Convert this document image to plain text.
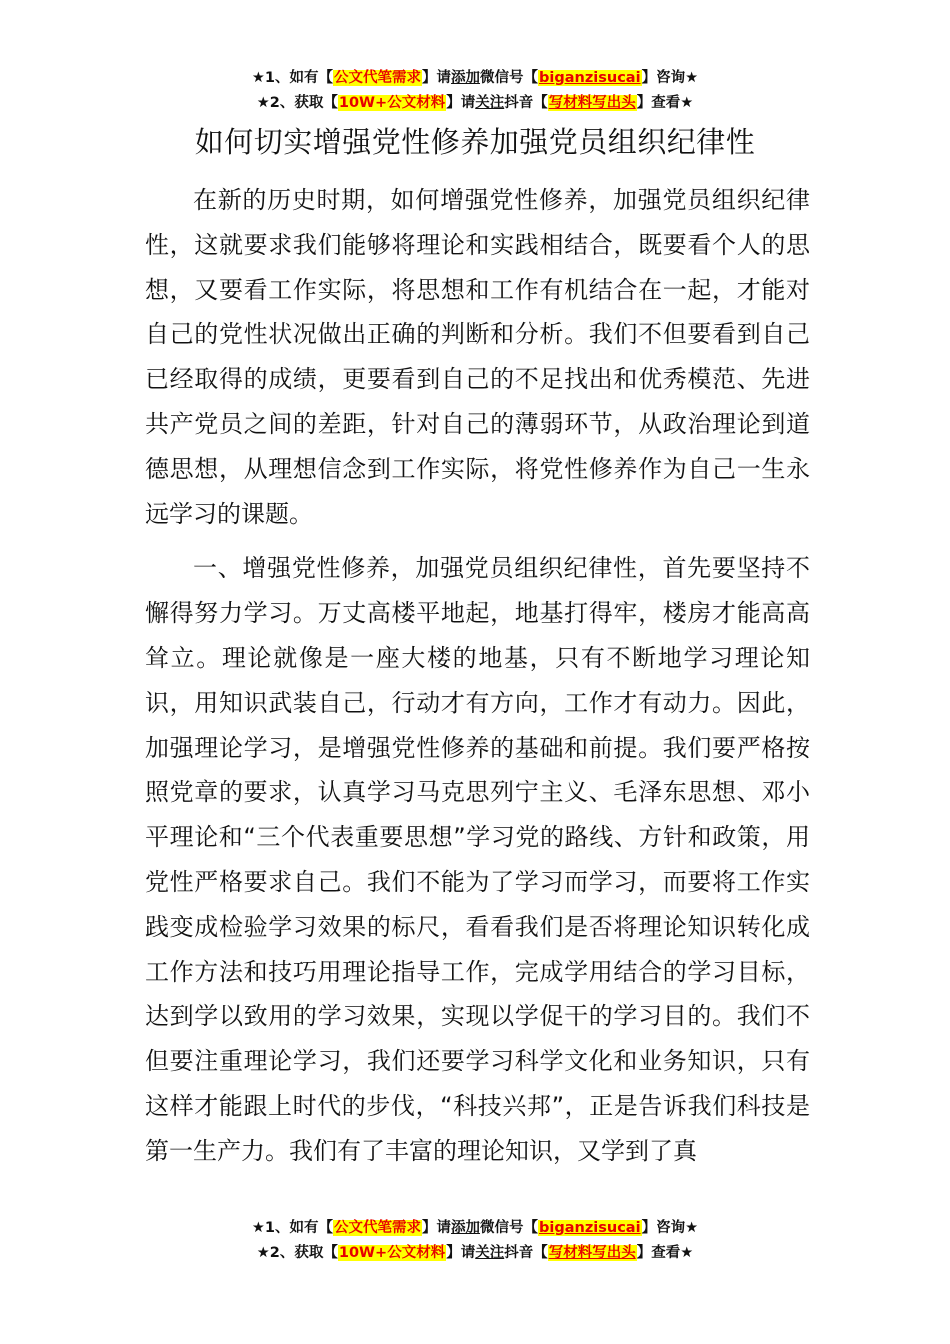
★1、如有【公文代笔需求】请添加微信号【biganzisucai】咨询★
★2、获取【10W+公文材料】请关注抖音【写材料写出头】查看★
如何切实增强党性修养加强党员组织纪律性

在新的历史时期，如何增强党性修养，加强党员组织纪律性，这就要求我们能够将理论和实践相结合，既要看个人的思想，又要看工作实际，将思想和工作有机结合在一起，才能对自己的党性状况做出正确的判断和分析。我们不但要看到自己已经取得的成绩，更要看到自己的不足找出和优秀模范、先进共产党员之间的差距，针对自己的薄弱环节，从政治理论到道德思想，从理想信念到工作实际，将党性修养作为自己一生永远学习的课题。

一、增强党性修养，加强党员组织纪律性，首先要坚持不懈得努力学习。万丈高楼平地起，地基打得牢，楼房才能高高耸立。理论就像是一座大楼的地基，只有不断地学习理论知识，用知识武装自己，行动才有方向，工作才有动力。因此，加强理论学习，是增强党性修养的基础和前提。我们要严格按照党章的要求，认真学习马克思列宁主义、毛泽东思想、邓小平理论和“三个代表重要思想”学习党的路线、方针和政策，用党性严格要求自己。我们不能为了学习而学习，而要将工作实践变成检验学习效果的标尺，看看我们是否将理论知识转化成工作方法和技巧用理论指导工作，完成学用结合的学习目标，达到学以致用的学习效果，实现以学促干的学习目的。我们不但要注重理论学习，我们还要学习科学文化和业务知识，只有这样才能跟上时代的步伐，“科技兴邦”，正是告诉我们科技是第一生产力。我们有了丰富的理论知识，又学到了真

★1、如有【公文代笔需求】请添加微信号【biganzisucai】咨询★
★2、获取【10W+公文材料】请关注抖音【写材料写出头】查看★
